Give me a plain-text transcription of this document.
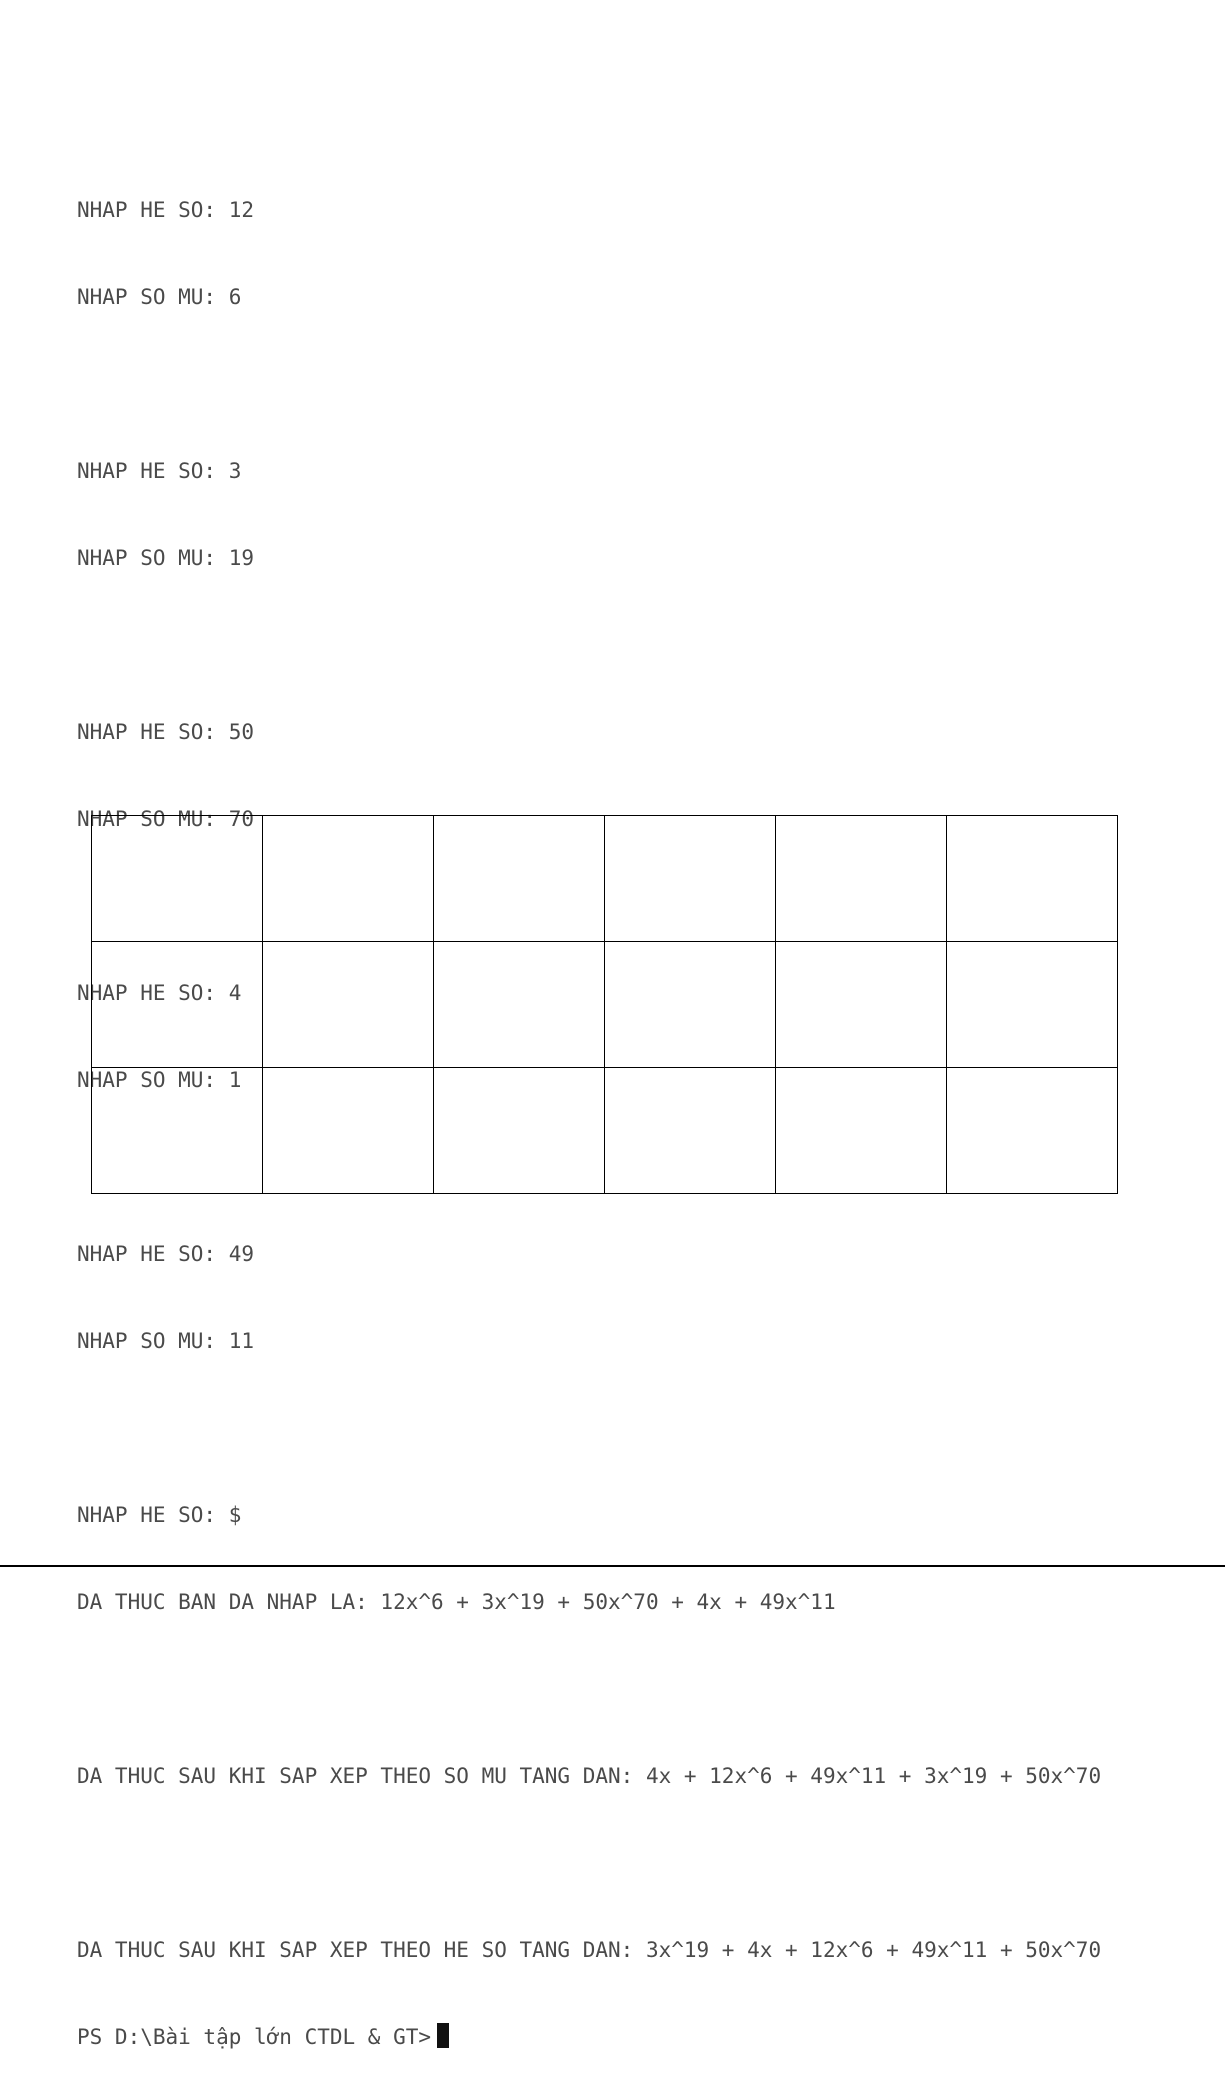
NHAP HE SO: 12

NHAP SO MU: 6

NHAP HE SO: 3

NHAP SO MU: 19

NHAP HE SO: 50

NHAP SO MU: 70

NHAP HE SO: 4

NHAP SO MU: 1

NHAP HE SO: 49

NHAP SO MU: 11

NHAP HE SO: $

DA THUC BAN DA NHAP LA: 12x^6 + 3x^19 + 50x^70 + 4x + 49x^11

DA THUC SAU KHI SAP XEP THEO SO MU TANG DAN: 4x + 12x^6 + 49x^11 + 3x^19 + 50x^70

DA THUC SAU KHI SAP XEP THEO HE SO TANG DAN: 3x^19 + 4x + 12x^6 + 49x^11 + 50x^70

PS D:\Bài tập lớn CTDL & GT>
